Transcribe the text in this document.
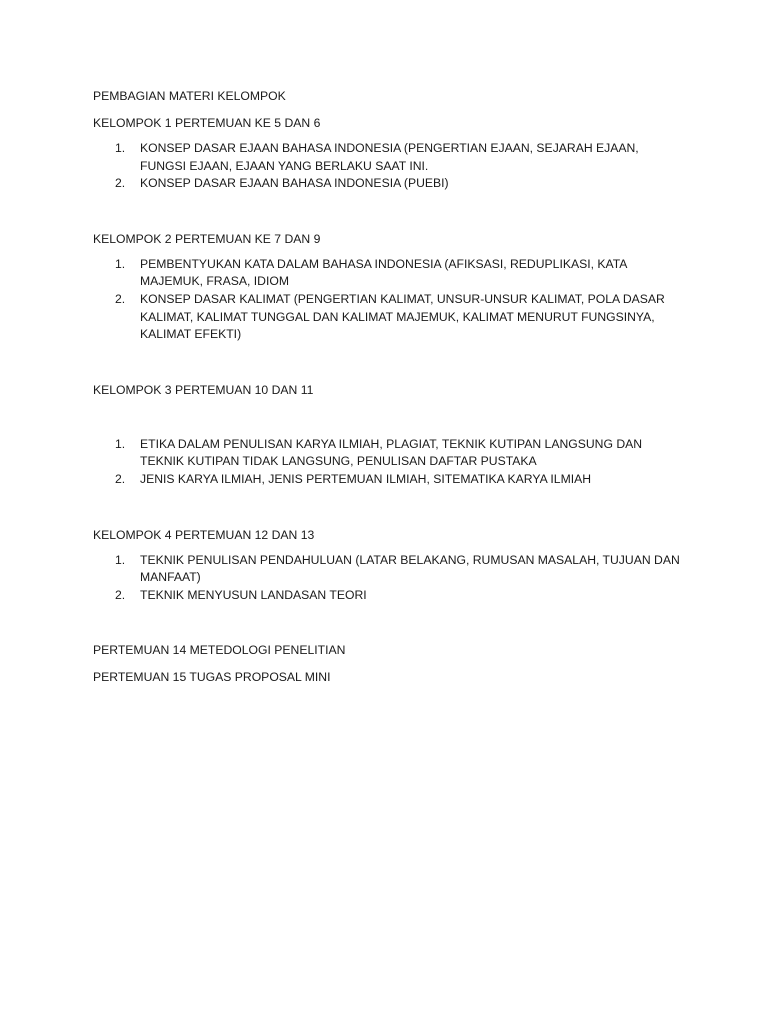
PEMBAGIAN MATERI KELOMPOK

KELOMPOK 1 PERTEMUAN KE 5 DAN 6

1. KONSEP DASAR EJAAN BAHASA INDONESIA (PENGERTIAN EJAAN, SEJARAH EJAAN, FUNGSI EJAAN, EJAAN YANG BERLAKU SAAT INI.
2. KONSEP DASAR EJAAN BAHASA INDONESIA (PUEBI)

KELOMPOK 2 PERTEMUAN KE 7 DAN 9

1. PEMBENTYUKAN KATA DALAM BAHASA INDONESIA (AFIKSASI, REDUPLIKASI, KATA MAJEMUK, FRASA, IDIOM
2. KONSEP DASAR KALIMAT (PENGERTIAN KALIMAT, UNSUR-UNSUR KALIMAT, POLA DASAR KALIMAT, KALIMAT TUNGGAL DAN KALIMAT MAJEMUK, KALIMAT MENURUT FUNGSINYA, KALIMAT EFEKTI)

KELOMPOK 3 PERTEMUAN 10 DAN 11

1. ETIKA DALAM PENULISAN KARYA ILMIAH, PLAGIAT, TEKNIK KUTIPAN LANGSUNG DAN TEKNIK KUTIPAN TIDAK LANGSUNG, PENULISAN DAFTAR PUSTAKA
2. JENIS KARYA ILMIAH, JENIS PERTEMUAN ILMIAH, SITEMATIKA KARYA ILMIAH

KELOMPOK 4 PERTEMUAN 12 DAN 13

1. TEKNIK PENULISAN PENDAHULUAN (LATAR BELAKANG, RUMUSAN MASALAH, TUJUAN DAN MANFAAT)
2. TEKNIK MENYUSUN LANDASAN TEORI

PERTEMUAN 14 METEDOLOGI PENELITIAN

PERTEMUAN 15 TUGAS PROPOSAL MINI
